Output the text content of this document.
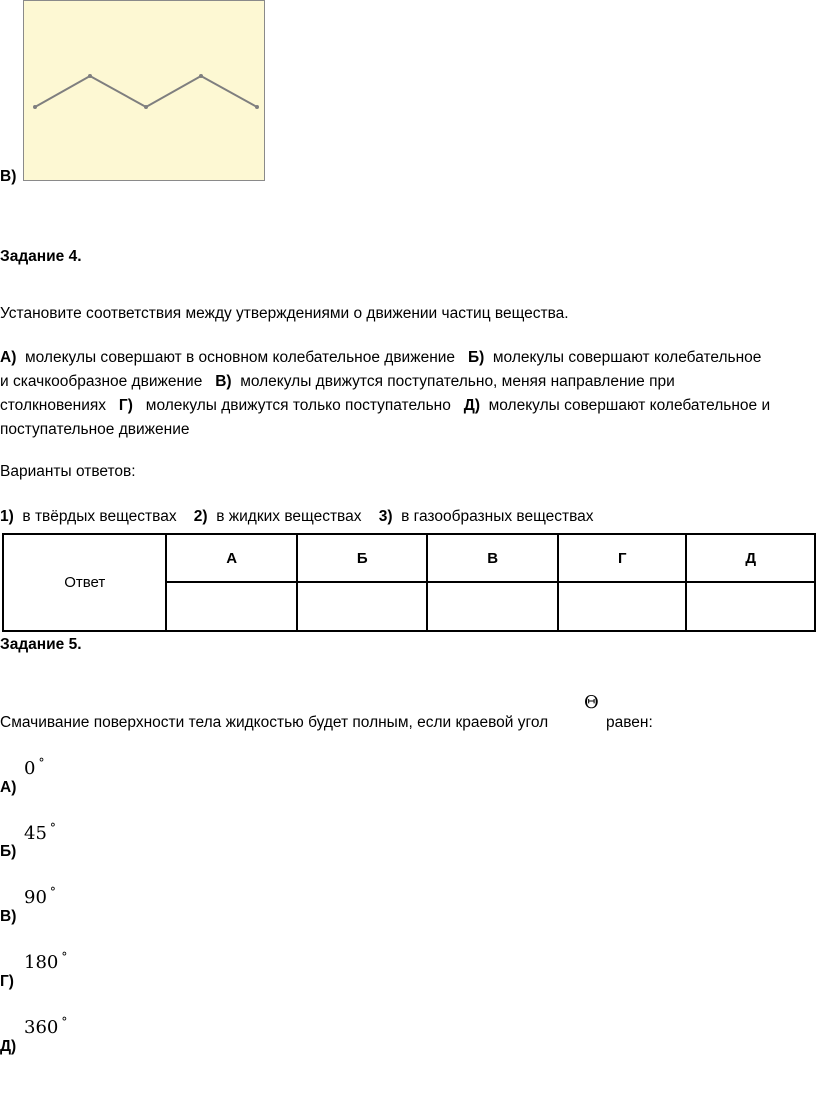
В)
Задание 4.
Установите соответствия между утверждениями о движении частиц вещества.
А)  молекулы совершают в основном колебательное движение   Б)  молекулы совершают колебательное
и скачкообразное движение   В)  молекулы движутся поступательно, меняя направление при
столкновениях   Г)   молекулы движутся только поступательно   Д)  молекулы совершают колебательное и
поступательное движение
Варианты ответов:
1)  в твёрдых веществах    2)  в жидких веществах    3)  в газообразных веществах
Ответ	А	Б	В	Г	Д

Задание 5.
Смачивание поверхности тела жидкостью будет полным, если краевой угол
Θ
равен:
А)
0 °
Б)
45 °
В)
90 °
Г)
180 °
Д)
360 °
